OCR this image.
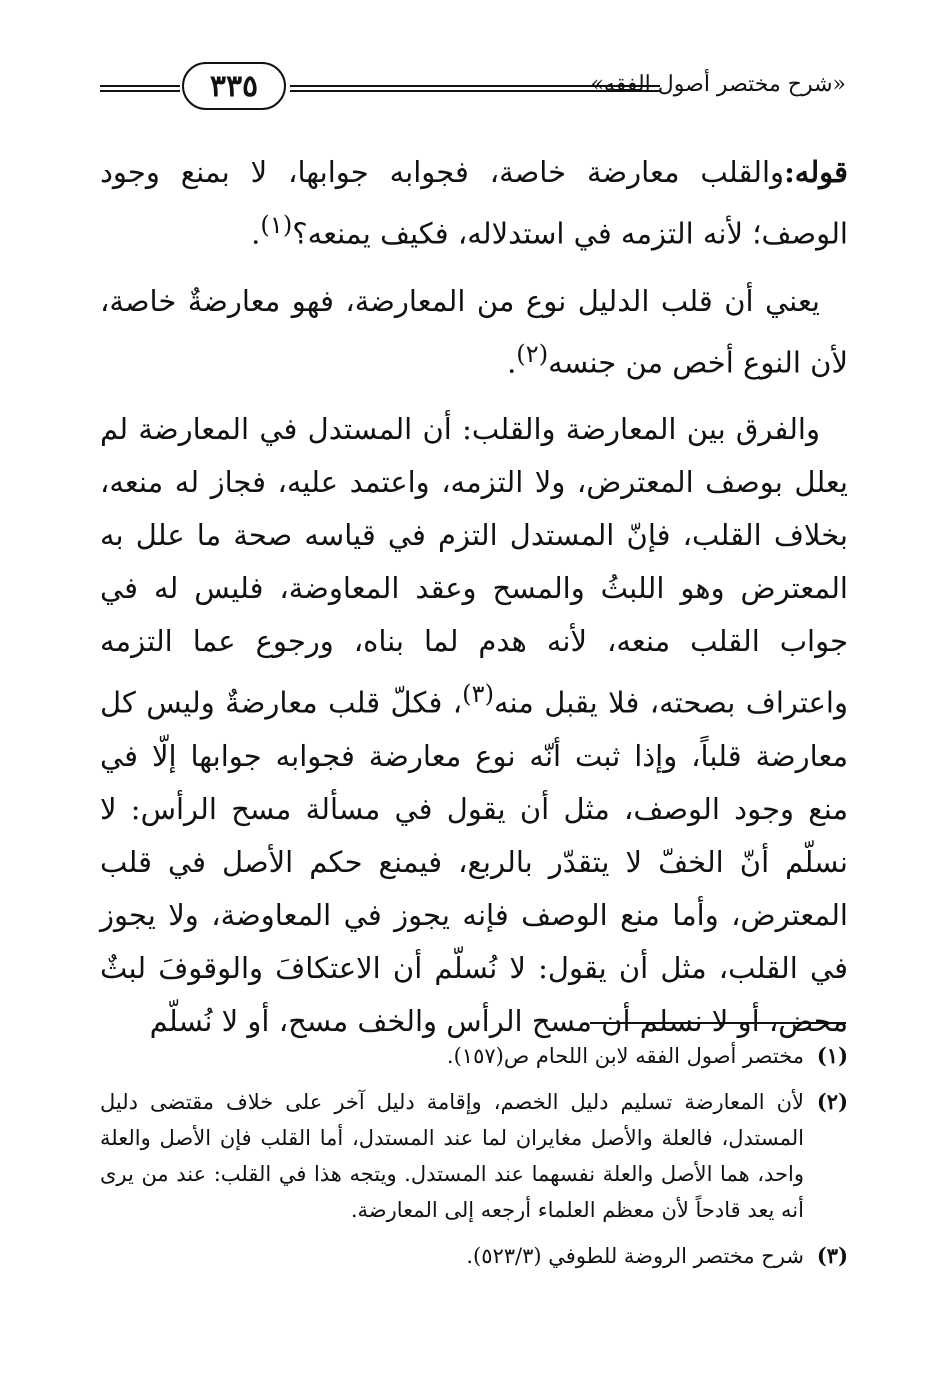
٣٣٥	«شرح مختصر أصول الفقه»

قوله:والقلب معارضة خاصة، فجوابه جوابها، لا بمنع وجود الوصف؛ لأنه التزمه في استدلاله، فكيف يمنعه؟$^{(١)}$.

يعني أن قلب الدليل نوع من المعارضة، فهو معارضةٌ خاصة، لأن النوع أخص من جنسه$^{(٢)}$.

والفرق بين المعارضة والقلب: أن المستدل في المعارضة لم يعلل بوصف المعترض، ولا التزمه، واعتمد عليه، فجاز له منعه، بخلاف القلب، فإنّ المستدل التزم في قياسه صحة ما علل به المعترض وهو اللبثُ والمسح وعقد المعاوضة، فليس له في جواب القلب منعه، لأنه هدم لما بناه، ورجوع عما التزمه واعتراف بصحته، فلا يقبل منه$^{(٣)}$، فكلّ قلب معارضةٌ وليس كل معارضة قلباً، وإذا ثبت أنّه نوع معارضة فجوابه جوابها إلّا في منع وجود الوصف، مثل أن يقول في مسألة مسح الرأس: لا نسلّم أنّ الخفّ لا يتقدّر بالربع، فيمنع حكم الأصل في قلب المعترض، وأما منع الوصف فإنه يجوز في المعاوضة، ولا يجوز في القلب، مثل أن يقول: لا نُسلّم أن الاعتكافَ والوقوفَ لبثٌ محض، أو لا نسلم أن مسح الرأس والخف مسح، أو لا نُسلّم

(١)
مختصر أصول الفقه لابن اللحام ص(١٥٧).
(٢)
لأن المعارضة تسليم دليل الخصم، وإقامة دليل آخر على خلاف مقتضى دليل المستدل، فالعلة والأصل مغايران لما عند المستدل، أما القلب فإن الأصل والعلة واحد، هما الأصل والعلة نفسهما عند المستدل. ويتجه هذا في القلب: عند من يرى أنه يعد قادحاً لأن معظم العلماء أرجعه إلى المعارضة.
(٣)
شرح مختصر الروضة للطوفي (٥٢٣/٣).
